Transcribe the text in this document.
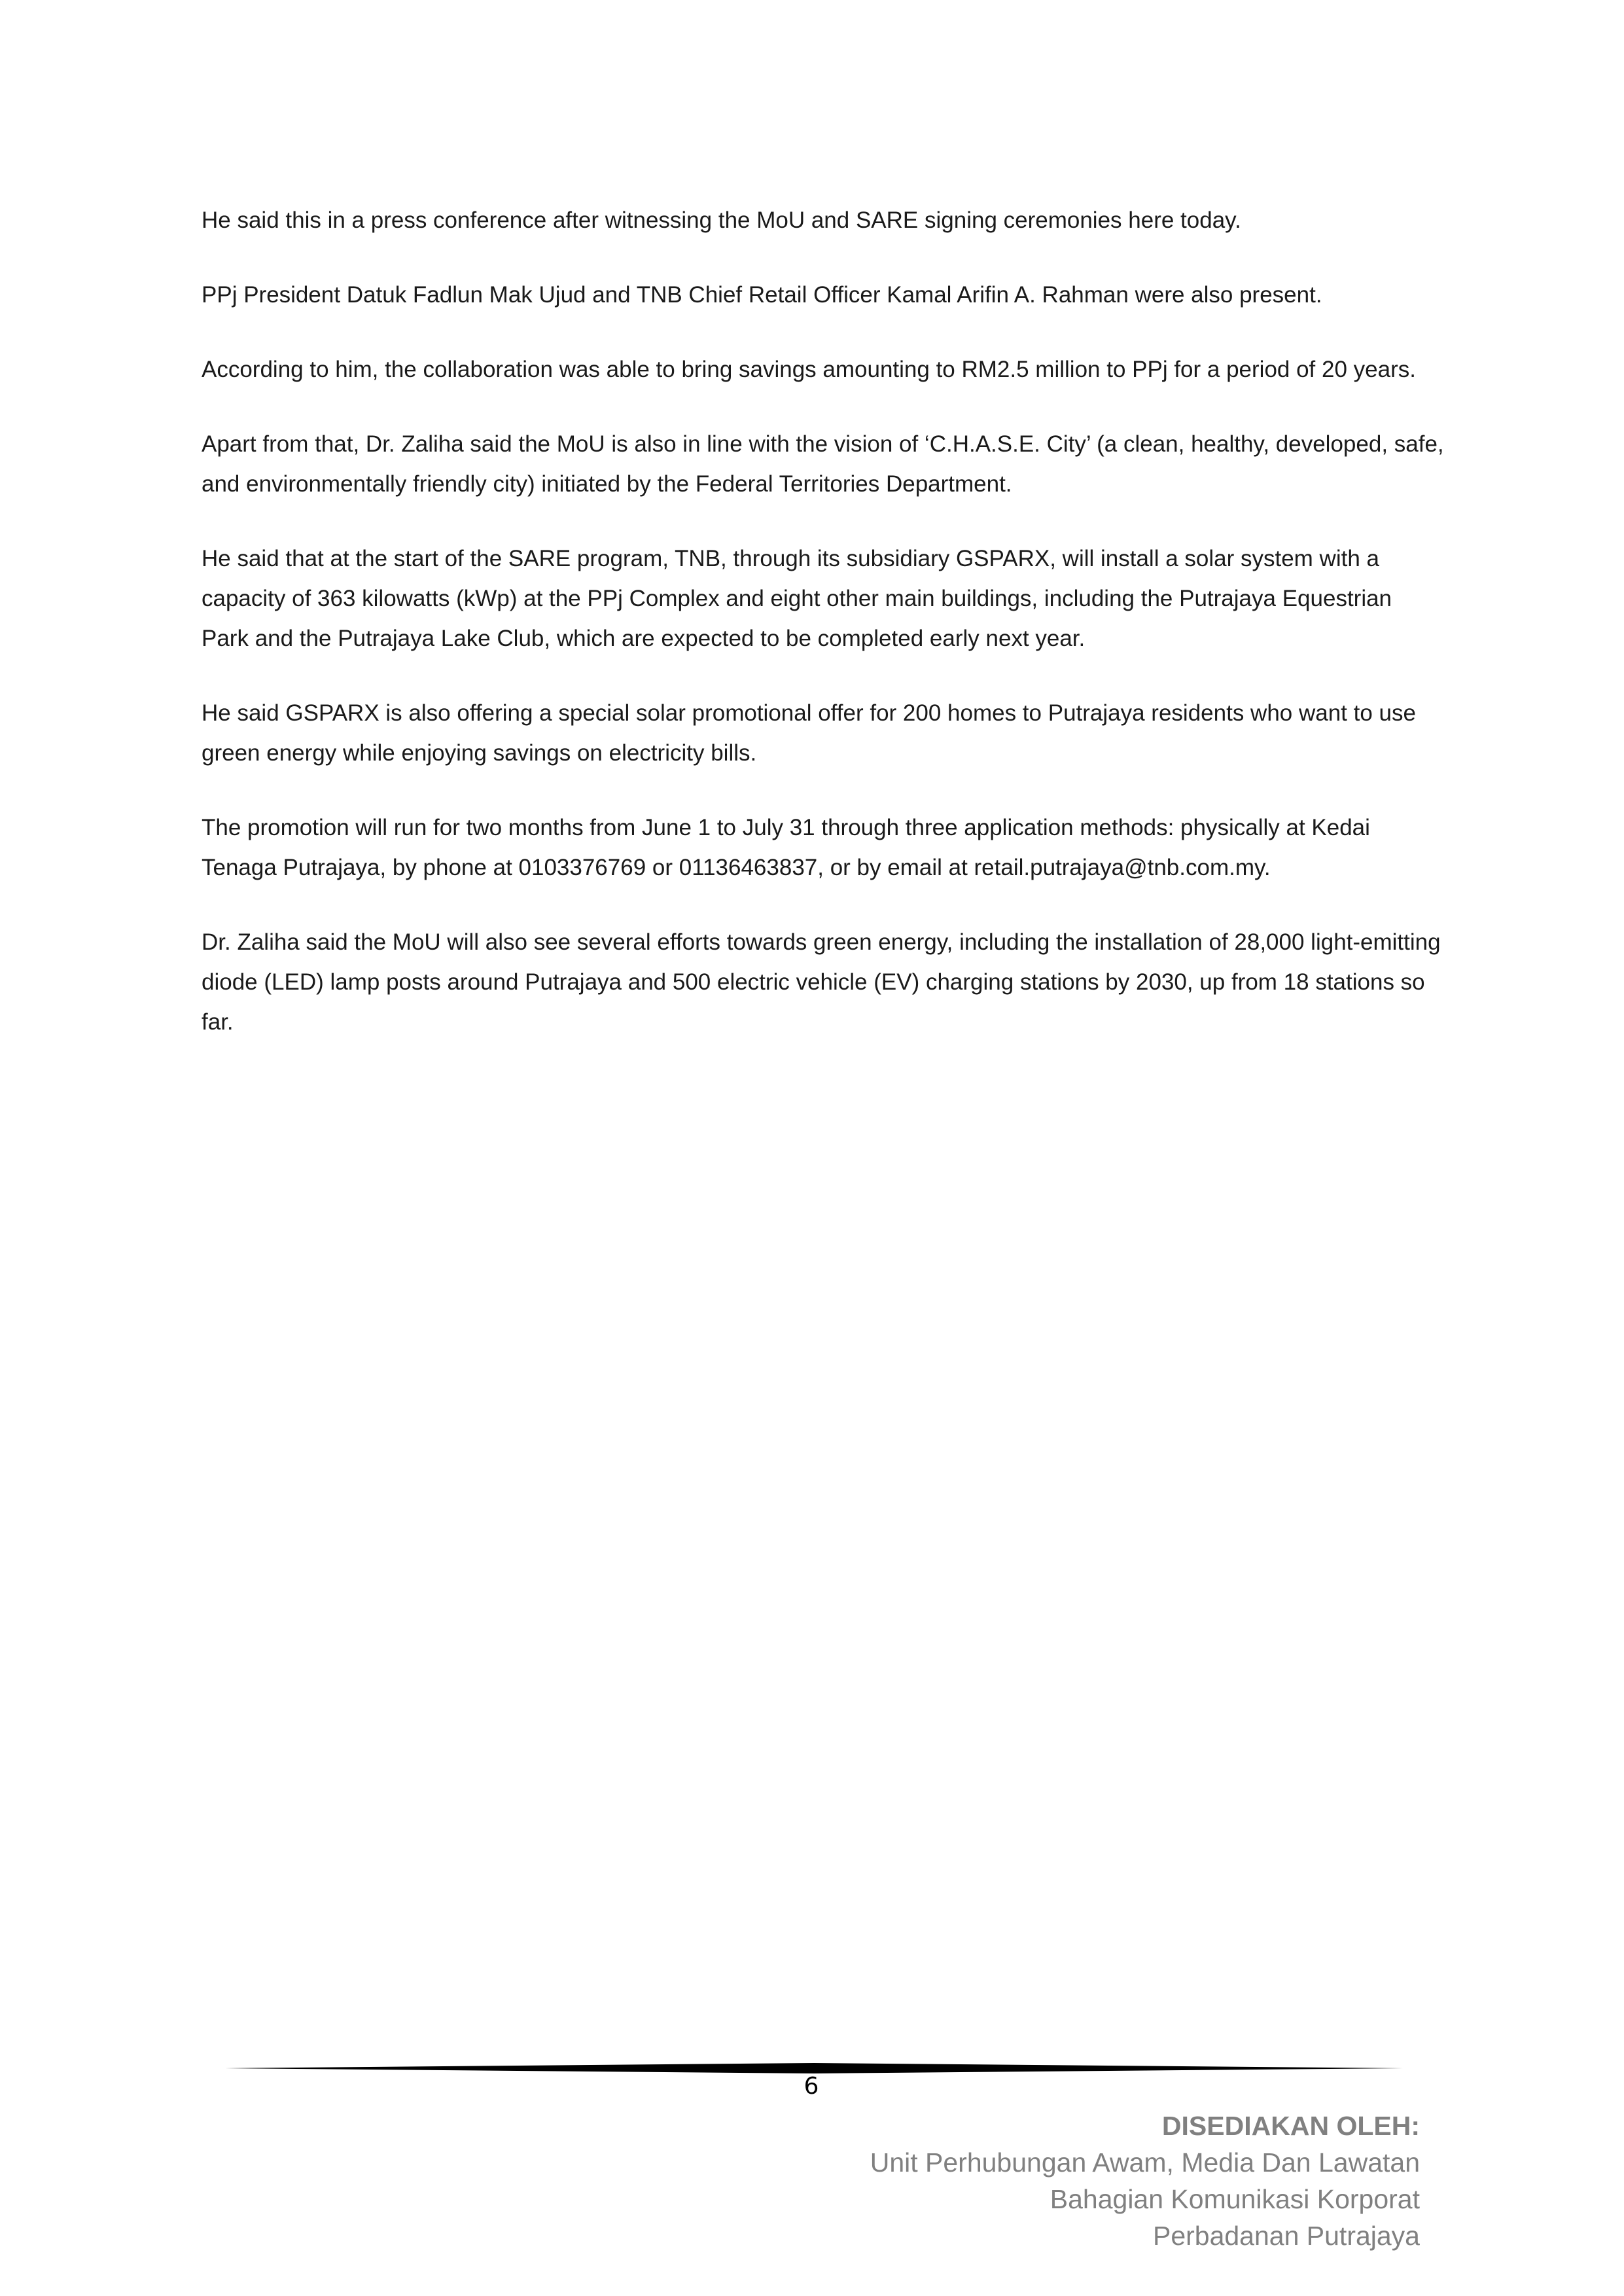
He said this in a press conference after witnessing the MoU and SARE signing ceremonies here today.

PPj President Datuk Fadlun Mak Ujud and TNB Chief Retail Officer Kamal Arifin A. Rahman were also present.

According to him, the collaboration was able to bring savings amounting to RM2.5 million to PPj for a period of 20 years.

Apart from that, Dr. Zaliha said the MoU is also in line with the vision of ‘C.H.A.S.E. City’ (a clean, healthy, developed, safe, and environmentally friendly city) initiated by the Federal Territories Department.

He said that at the start of the SARE program, TNB, through its subsidiary GSPARX, will install a solar system with a capacity of 363 kilowatts (kWp) at the PPj Complex and eight other main buildings, including the Putrajaya Equestrian Park and the Putrajaya Lake Club, which are expected to be completed early next year.

He said GSPARX is also offering a special solar promotional offer for 200 homes to Putrajaya residents who want to use green energy while enjoying savings on electricity bills.

The promotion will run for two months from June 1 to July 31 through three application methods: physically at Kedai Tenaga Putrajaya, by phone at 0103376769 or 01136463837, or by email at retail.putrajaya@tnb.com.my.

Dr. Zaliha said the MoU will also see several efforts towards green energy, including the installation of 28,000 light-emitting diode (LED) lamp posts around Putrajaya and 500 electric vehicle (EV) charging stations by 2030, up from 18 stations so far.

6
DISEDIAKAN OLEH:
Unit Perhubungan Awam, Media Dan Lawatan
Bahagian Komunikasi Korporat
Perbadanan Putrajaya
